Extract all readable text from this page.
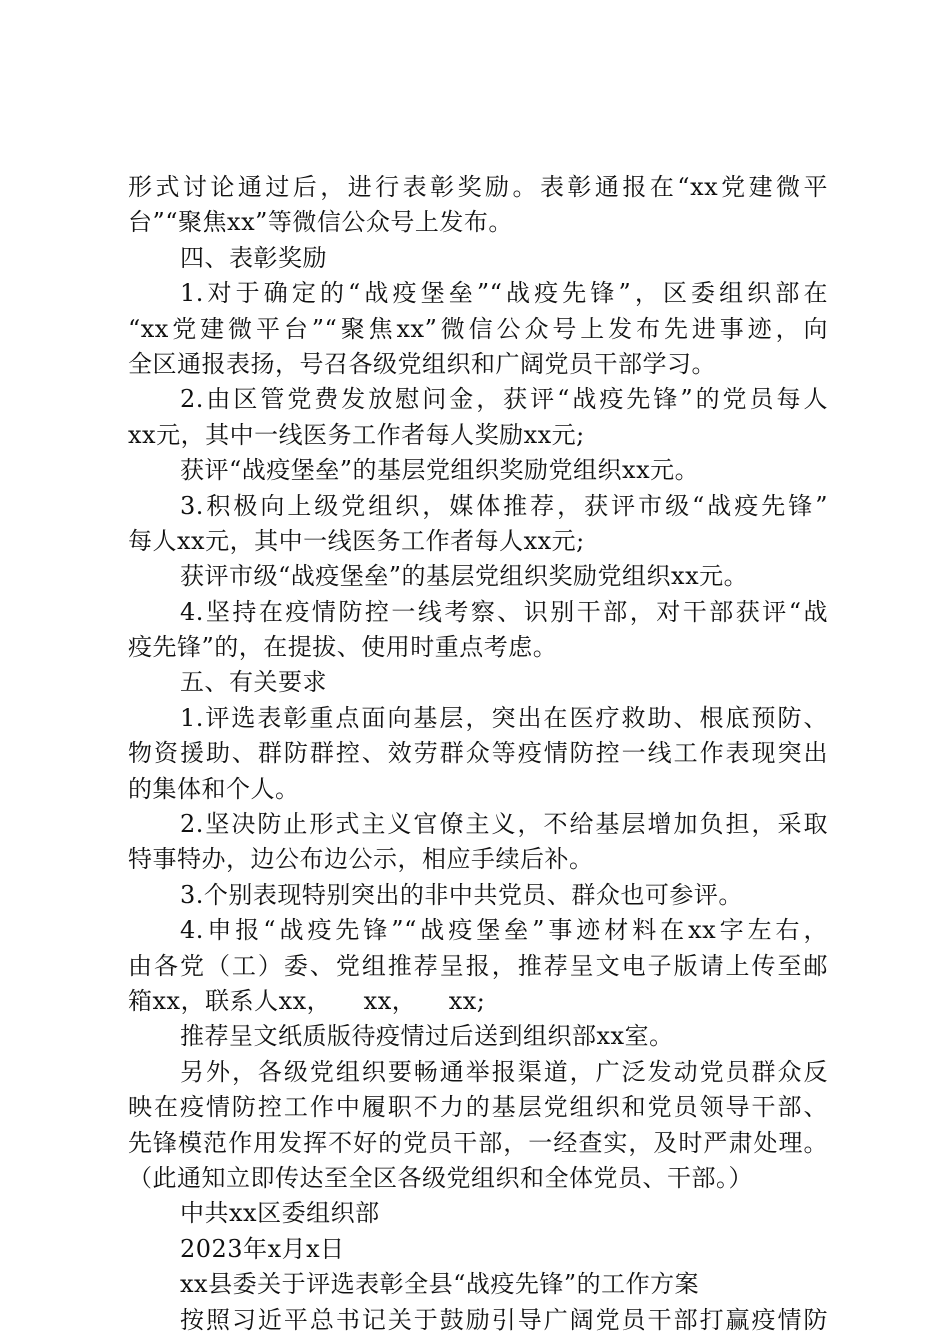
形式讨论通过后，进行表彰奖励。表彰通报在“xx党建微平
台”“聚焦xx”等微信公众号上发布。
四、表彰奖励
1.对于确定的“战疫堡垒”“战疫先锋”，区委组织部在
“xx党建微平台”“聚焦xx”微信公众号上发布先进事迹，向
全区通报表扬，号召各级党组织和广阔党员干部学习。
2.由区管党费发放慰问金，获评“战疫先锋”的党员每人
xx元，其中一线医务工作者每人奖励xx元;
获评“战疫堡垒”的基层党组织奖励党组织xx元。
3.积极向上级党组织，媒体推荐，获评市级“战疫先锋”
每人xx元，其中一线医务工作者每人xx元;
获评市级“战疫堡垒”的基层党组织奖励党组织xx元。
4.坚持在疫情防控一线考察、识别干部，对干部获评“战
疫先锋”的，在提拔、使用时重点考虑。
五、有关要求
1.评选表彰重点面向基层，突出在医疗救助、根底预防、
物资援助、群防群控、效劳群众等疫情防控一线工作表现突出
的集体和个人。
2.坚决防止形式主义官僚主义，不给基层增加负担，采取
特事特办，边公布边公示，相应手续后补。
3.个别表现特别突出的非中共党员、群众也可参评。
4.申报“战疫先锋”“战疫堡垒”事迹材料在xx字左右，
由各党（工）委、党组推荐呈报，推荐呈文电子版请上传至邮
箱xx，联系人xx，    xx，    xx;
推荐呈文纸质版待疫情过后送到组织部xx室。
另外，各级党组织要畅通举报渠道，广泛发动党员群众反
映在疫情防控工作中履职不力的基层党组织和党员领导干部、
先锋模范作用发挥不好的党员干部，一经查实，及时严肃处理。
（此通知立即传达至全区各级党组织和全体党员、干部。）
中共xx区委组织部
2023年x月x日
xx县委关于评选表彰全县“战疫先锋”的工作方案
按照习近平总书记关于鼓励引导广阔党员干部打赢疫情防
